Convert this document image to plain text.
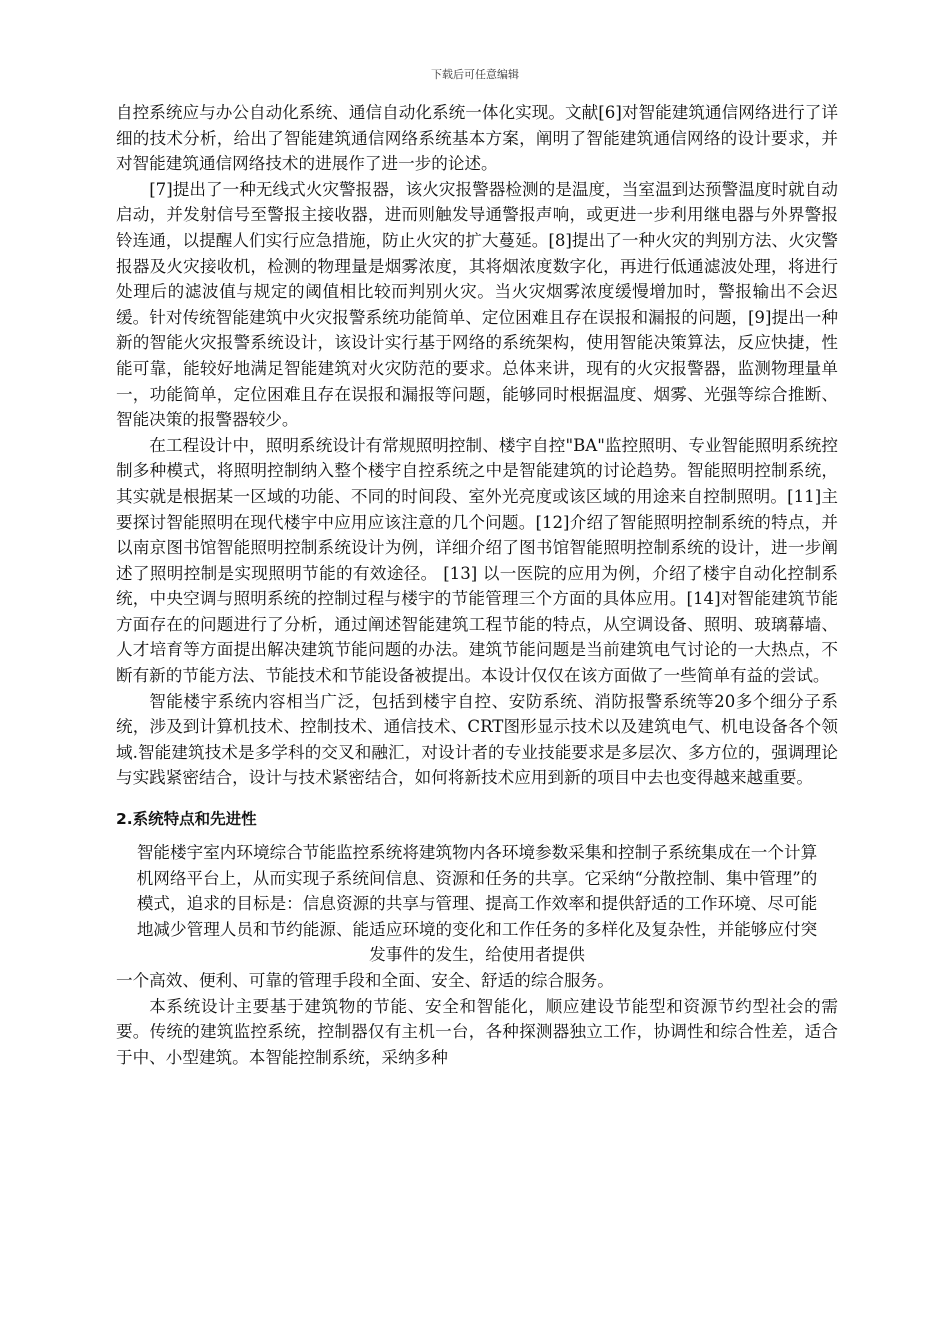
下载后可任意编辑

自控系统应与办公自动化系统、通信自动化系统一体化实现。文献[6]对智能建筑通信网络进行了详细的技术分析，给出了智能建筑通信网络系统基本方案，阐明了智能建筑通信网络的设计要求，并对智能建筑通信网络技术的进展作了进一步的论述。

[7]提出了一种无线式火灾警报器，该火灾报警器检测的是温度，当室温到达预警温度时就自动启动，并发射信号至警报主接收器，进而则触发导通警报声响，或更进一步利用继电器与外界警报铃连通，以提醒人们实行应急措施，防止火灾的扩大蔓延。[8]提出了一种火灾的判别方法、火灾警报器及火灾接收机，检测的物理量是烟雾浓度，其将烟浓度数字化，再进行低通滤波处理，将进行处理后的滤波值与规定的阈值相比较而判别火灾。当火灾烟雾浓度缓慢增加时，警报输出不会迟缓。针对传统智能建筑中火灾报警系统功能简单、定位困难且存在误报和漏报的问题，[9]提出一种新的智能火灾报警系统设计，该设计实行基于网络的系统架构，使用智能决策算法，反应快捷，性能可靠，能较好地满足智能建筑对火灾防范的要求。总体来讲，现有的火灾报警器，监测物理量单一，功能简单，定位困难且存在误报和漏报等问题，能够同时根据温度、烟雾、光强等综合推断、智能决策的报警器较少。

在工程设计中，照明系统设计有常规照明控制、楼宇自控"BA"监控照明、专业智能照明系统控制多种模式，将照明控制纳入整个楼宇自控系统之中是智能建筑的讨论趋势。智能照明控制系统，其实就是根据某一区域的功能、不同的时间段、室外光亮度或该区域的用途来自控制照明。[11]主要探讨智能照明在现代楼宇中应用应该注意的几个问题。[12]介绍了智能照明控制系统的特点，并以南京图书馆智能照明控制系统设计为例，详细介绍了图书馆智能照明控制系统的设计，进一步阐述了照明控制是实现照明节能的有效途径。 [13] 以一医院的应用为例，介绍了楼宇自动化控制系统，中央空调与照明系统的控制过程与楼宇的节能管理三个方面的具体应用。[14]对智能建筑节能方面存在的问题进行了分析，通过阐述智能建筑工程节能的特点，从空调设备、照明、玻璃幕墙、人才培育等方面提出解决建筑节能问题的办法。建筑节能问题是当前建筑电气讨论的一大热点，不断有新的节能方法、节能技术和节能设备被提出。本设计仅仅在该方面做了一些简单有益的尝试。

智能楼宇系统内容相当广泛，包括到楼宇自控、安防系统、消防报警系统等20多个细分子系统，涉及到计算机技术、控制技术、通信技术、CRT图形显示技术以及建筑电气、机电设备各个领域.智能建筑技术是多学科的交叉和融汇，对设计者的专业技能要求是多层次、多方位的，强调理论与实践紧密结合，设计与技术紧密结合，如何将新技术应用到新的项目中去也变得越来越重要。

2.系统特点和先进性

智能楼宇室内环境综合节能监控系统将建筑物内各环境参数采集和控制子系统集成在一个计算机网络平台上，从而实现子系统间信息、资源和任务的共享。它采纳“分散控制、集中管理”的模式，追求的目标是：信息资源的共享与管理、提高工作效率和提供舒适的工作环境、尽可能地减少管理人员和节约能源、能适应环境的变化和工作任务的多样化及复杂性，并能够应付突发事件的发生，给使用者提供

一个高效、便利、可靠的管理手段和全面、安全、舒适的综合服务。

本系统设计主要基于建筑物的节能、安全和智能化，顺应建设节能型和资源节约型社会的需要。传统的建筑监控系统，控制器仅有主机一台，各种探测器独立工作，协调性和综合性差，适合于中、小型建筑。本智能控制系统，采纳多种
